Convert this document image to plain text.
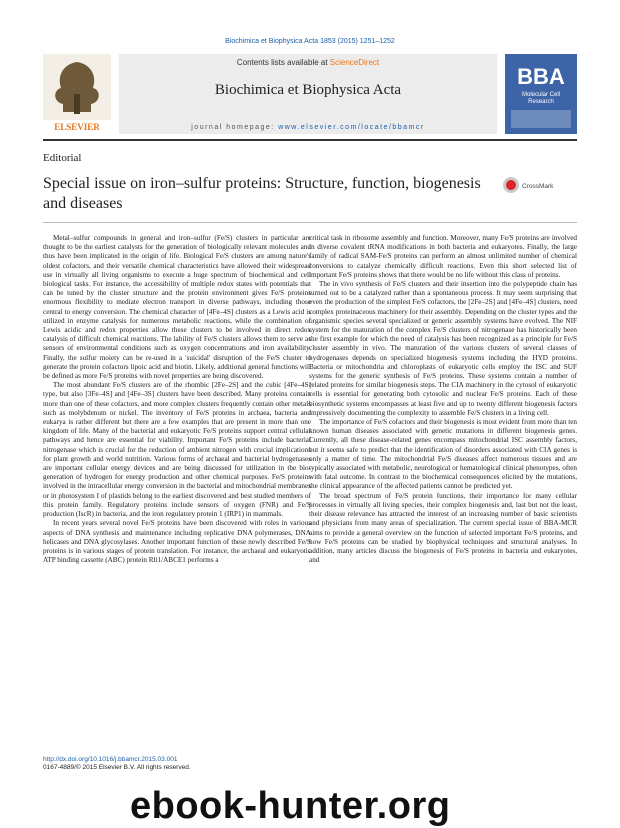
Biochimica et Biophysica Acta 1853 (2015) 1251–1252
ELSEVIER
Contents lists available at ScienceDirect
Biochimica et Biophysica Acta
journal homepage: www.elsevier.com/locate/bbamcr
BBA
Molecular Cell
Research
Editorial
Special issue on iron–sulfur proteins: Structure, function, biogenesis and diseases
CrossMark

Metal–sulfur compounds in general and iron–sulfur (Fe/S) clusters in particular are thought to be the earliest catalysts for the generation of biologically relevant molecules and thus have been implicated in the origin of life. Biological Fe/S clusters are among nature's oldest cofactors, and their versatile chemical characteristics have allowed their widespread use in virtually all living organisms to execute a huge spectrum of biochemical and cell biological tasks. For instance, the accessibility of multiple redox states with potentials that can be tuned by the cluster structure and the protein environment gives Fe/S proteins enormous flexibility to mediate electron transport in diverse pathways, including those central to energy conversion. The chemical character of [4Fe–4S] clusters as a Lewis acid is utilized in enzyme catalysis for numerous metabolic reactions, while the combination of Lewis acidic and redox properties allow these clusters to be involved in direct redox catalysis of difficult chemical reactions. The lability of Fe/S clusters allows them to serve as sensors of environmental conditions such as oxygen concentrations and iron availability. Finally, the sulfur moiety can be re-used in a 'suicidal' disruption of the Fe/S cluster to generate the protein cofactors lipoic acid and biotin. Likely, additional general functions will be defined as more Fe/S proteins with novel properties are being discovered.

The most abundant Fe/S clusters are of the rhombic [2Fe–2S] and the cubic [4Fe–4S] type, but also [3Fe–4S] and [4Fe–3S] clusters have been described. Many proteins contain more than one of these cofactors, and more complex clusters frequently contain other metals such as molybdenum or nickel. The inventory of Fe/S proteins in archaea, bacteria and eukarya is rather different but there are a few examples that are present in more than one kingdom of life. Many of the bacterial and eukaryotic Fe/S proteins support central cellular pathways and hence are essential for viability. Important Fe/S proteins include bacterial nitrogenase which is crucial for the reduction of ambient nitrogen with crucial implications for plant growth and world nutrition. Various forms of archaeal and bacterial hydrogenases are important cellular energy devices and are being discussed for utilization in the bio-generation of hydrogen for energy production and other chemical purposes. Fe/S proteins involved in the intracellular energy conversion in the bacterial and mitochondrial membranes or in photosystem I of plastids belong to the earliest discovered and best studied members of this protein family. Regulatory proteins include sensors of oxygen (FNR) and Fe/S production (IscR) in bacteria, and the iron regulatory protein 1 (IRP1) in mammals.

In recent years several novel Fe/S proteins have been discovered with roles in various aspects of DNA synthesis and maintenance including replicative DNA polymerases, DNA helicases and DNA glycosylases. Another important function of these newly described Fe/S proteins is in various stages of protein translation. For instance, the archaeal and eukaryotic ATP binding cassette (ABC) protein Rli1/ABCE1 performs a

critical task in ribosome assembly and function. Moreover, many Fe/S proteins are involved in diverse covalent tRNA modifications in both bacteria and eukaryotes. Finally, the large family of radical SAM-Fe/S proteins can perform an almost unlimited number of chemical conversions to catalyze chemically difficult reactions. Even this short selected list of important Fe/S proteins shows that there would be no life without this class of proteins.

The in vivo synthesis of Fe/S clusters and their insertion into the polypeptide chain has turned out to be a catalyzed rather than a spontaneous process. It may seem surprising that even the production of the simplest Fe/S cofactors, the [2Fe–2S] and [4Fe–4S] clusters, need complex proteinaceous machinery for their assembly. Depending on the cluster types and the organismic species several specialized or generic assembly systems have evolved. The NIF system for the maturation of the complex Fe/S clusters of nitrogenase has historically been the first example for which the need of catalysis has been recognized as a principle for Fe/S cluster assembly in vivo. The maturation of the various clusters of several classes of hydrogenases depends on specialized biogenesis systems including the HYD proteins. Bacteria or mitochondria and chloroplasts of eukaryotic cells employ the ISC and SUF systems for the generic synthesis of Fe/S proteins. These systems contain a number of related proteins for similar biogenesis steps. The CIA machinery in the cytosol of eukaryotic cells is essential for generating both cytosolic and nuclear Fe/S proteins. Each of these biosynthetic systems encompasses at least five and up to twenty different biogenesis factors impressively documenting the complexity to assemble Fe/S clusters in a living cell.

The importance of Fe/S cofactors and their biogenesis is most evident from more than ten known human diseases associated with genetic mutations in different biogenesis genes. Currently, all these disease-related genes encompass mitochondrial ISC assembly factors, but it seems safe to predict that the identification of disorders associated with CIA genes is only a matter of time. The mitochondrial Fe/S diseases affect numerous tissues and are typically associated with metabolic, neurological or hematological clinical phenotypes, often with fatal outcome. In contrast to the biochemical consequences elicited by the mutations, the clinical appearance of the affected patients cannot be predicted yet.

The broad spectrum of Fe/S protein functions, their importance for many cellular processes in virtually all living species, their complex biogenesis and, last but not the least, their disease relevance has attracted the interest of an increasing number of basic scientists and physicians from many areas of specialization. The current special issue of BBA-MCR aims to provide a general overview on the function of selected important Fe/S proteins, and how Fe/S proteins can be studied by biophysical techniques and structural analyses. In addition, many articles discuss the biogenesis of Fe/S proteins in bacteria and eukaryotes, and

http://dx.doi.org/10.1016/j.bbamcr.2015.03.001
0167-4889/© 2015 Elsevier B.V. All rights reserved.
ebook-hunter.org
